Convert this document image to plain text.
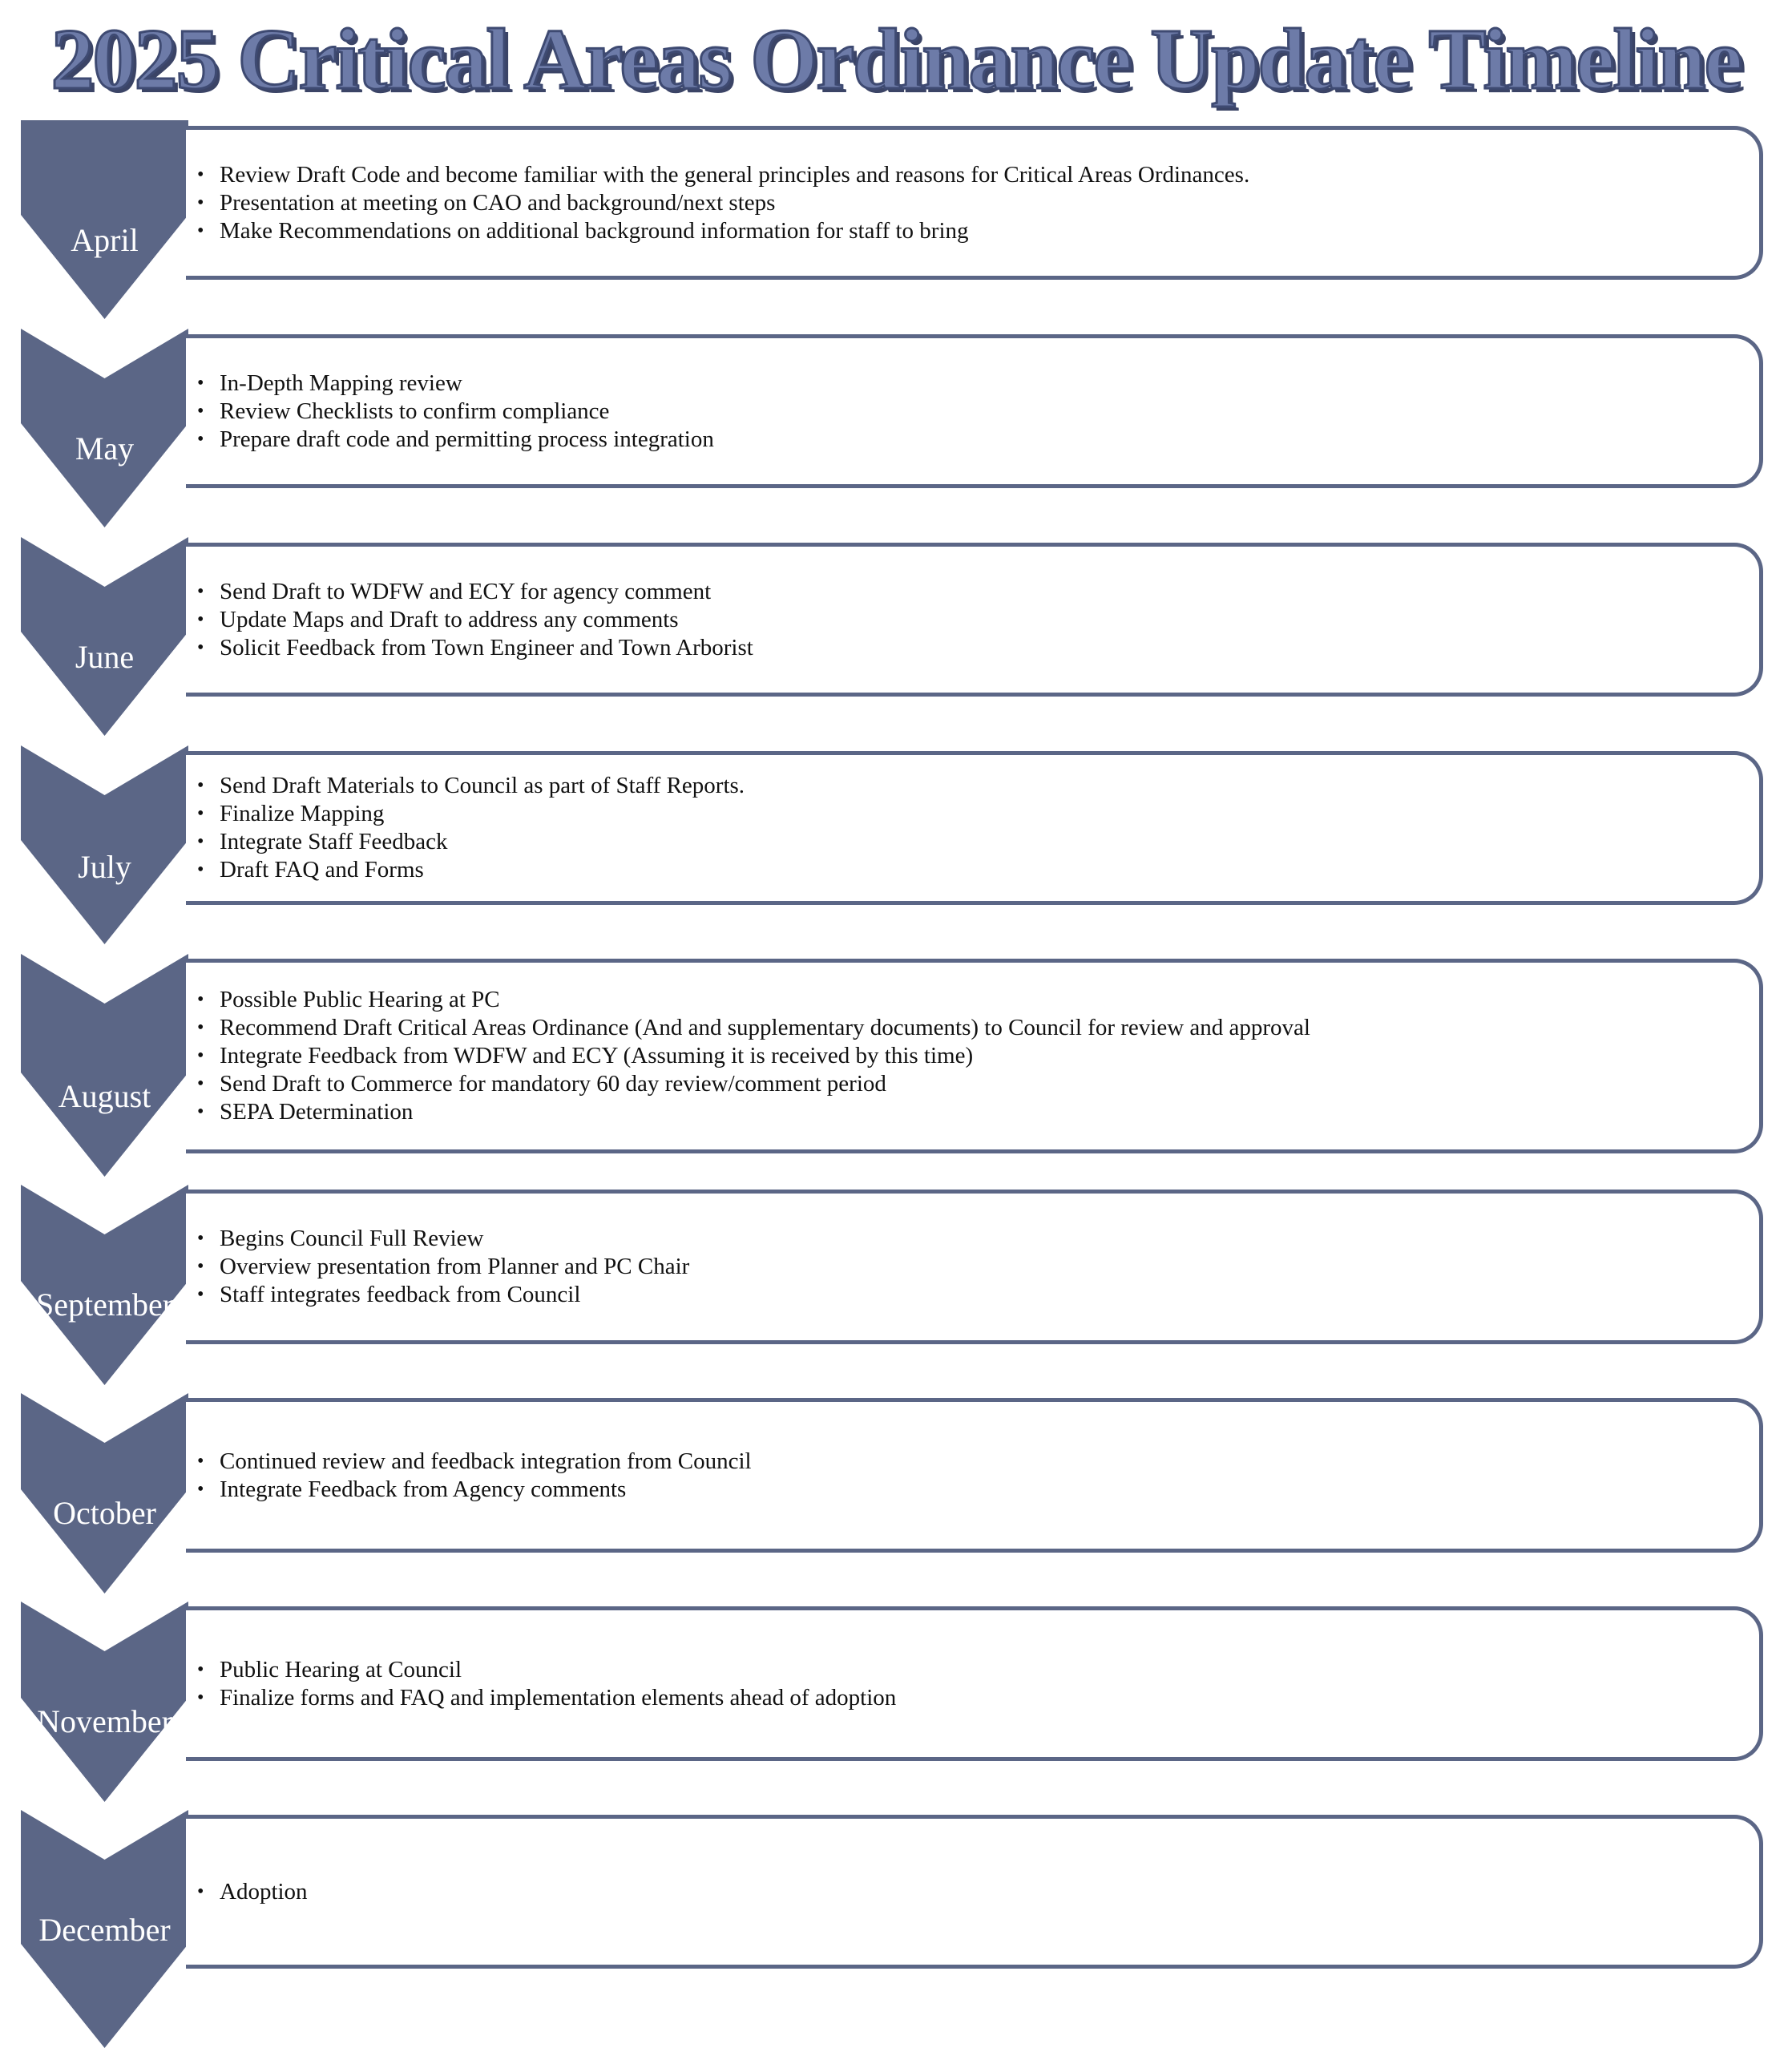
2025 Critical Areas Ordinance Update Timeline
April
• Review Draft Code and become familiar with the general principles and reasons for Critical Areas Ordinances.
• Presentation at meeting on CAO and background/next steps
• Make Recommendations on additional background information for staff to bring
May
• In-Depth Mapping review
• Review Checklists to confirm compliance
• Prepare draft code and permitting process integration
June
• Send Draft to WDFW and ECY for agency comment
• Update Maps and Draft to address any comments
• Solicit Feedback from Town Engineer and Town Arborist
July
• Send Draft Materials to Council as part of Staff Reports.
• Finalize Mapping
• Integrate Staff Feedback
• Draft FAQ and Forms
August
• Possible Public Hearing at PC
• Recommend Draft Critical Areas Ordinance (And and supplementary documents) to Council for review and approval
• Integrate Feedback from WDFW and ECY (Assuming it is received by this time)
• Send Draft to Commerce for mandatory 60 day review/comment period
• SEPA Determination
September
• Begins Council Full Review
• Overview presentation from Planner and PC Chair
• Staff integrates feedback from Council
October
• Continued review and feedback integration from Council
• Integrate Feedback from Agency comments
November
• Public Hearing at Council
• Finalize forms and FAQ and implementation elements ahead of adoption
December
• Adoption
